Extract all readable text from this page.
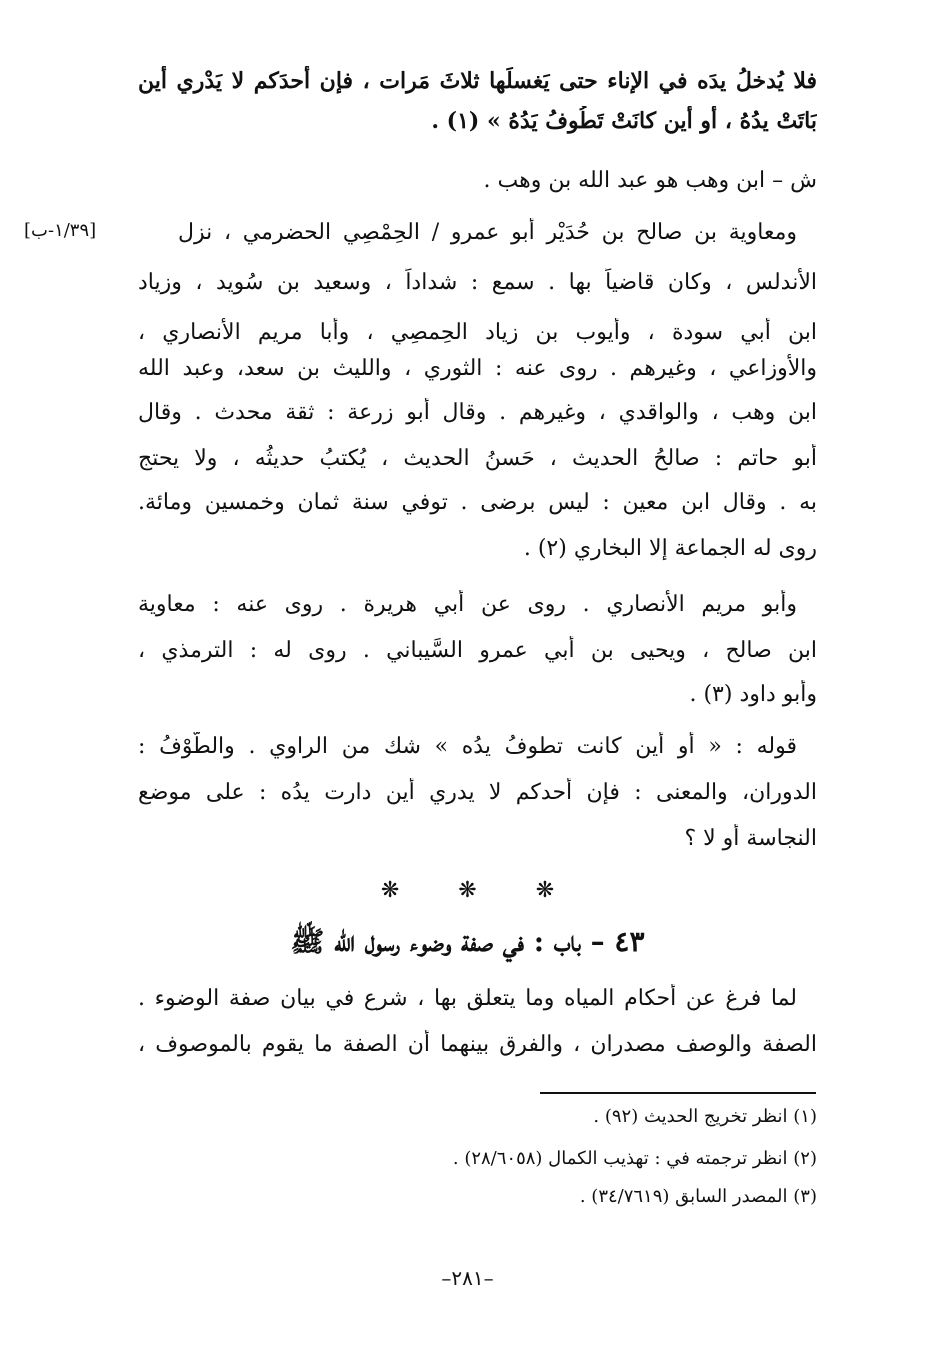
فلا يُدخلُ يدَه في الإناء حتى يَغسلَها ثلاثَ مَرات ، فإن أَحدَكم لا يَدْري أين
بَاتَتْ يدُهُ ، أو أين كانَتْ تَطُوفُ يَدُهُ » (١) .
ش – ابن وهب هو عبد الله بن وهب .
ومعاوية بن صالح بن حُدَيْر أبو عمرو / الحِمْصِي الحضرمي ، نزل
[١/٣٩-ب]
الأندلس ، وكان قاضياً بها . سمع : شداداً ، وسعيد بن سُويد ، وزياد
ابن أبي سودة ، وأيوب بن زياد الحِمصِي ، وأبا مريم الأنصاري ،
والأوزاعي ، وغيرهم . روى عنه : الثوري ، والليث بن سعد، وعبد الله
ابن وهب ، والواقدي ، وغيرهم . وقال أبو زرعة : ثقة محدث . وقال
أبو حاتم : صالحُ الحديث ، حَسنُ الحديث ، يُكتبُ حديثُه ، ولا يحتج
به . وقال ابن معين : ليس برضى . توفي سنة ثمان وخمسين ومائة.
روى له الجماعة إلا البخاري (٢) .
وأبو مريم الأنصاري . روى عن أبي هريرة . روى عنه : معاوية
ابن صالح ، ويحيى بن أبي عمرو السَّيباني . روى له : الترمذي ،
وأبو داود (٣) .
قوله : « أو أين كانت تطوفُ يدُه » شك من الراوي . والطَّوْفُ :
الدوران، والمعنى : فإن أحدكم لا يدري أين دارت يدُه : على موضع
النجاسة أو لا ؟
❋	❋	❋
٤٣ – باب : في صفة وضوء رسول الله ﷺ
لما فرغ عن أحكام المياه وما يتعلق بها ، شرع في بيان صفة الوضوء .
الصفة والوصف مصدران ، والفرق بينهما أن الصفة ما يقوم بالموصوف ،
(١) انظر تخريج الحديث (٩٢) .
(٢) انظر ترجمته في : تهذيب الكمال (٢٨/٦٠٥٨) .
(٣) المصدر السابق (٣٤/٧٦١٩) .
–٢٨١–
